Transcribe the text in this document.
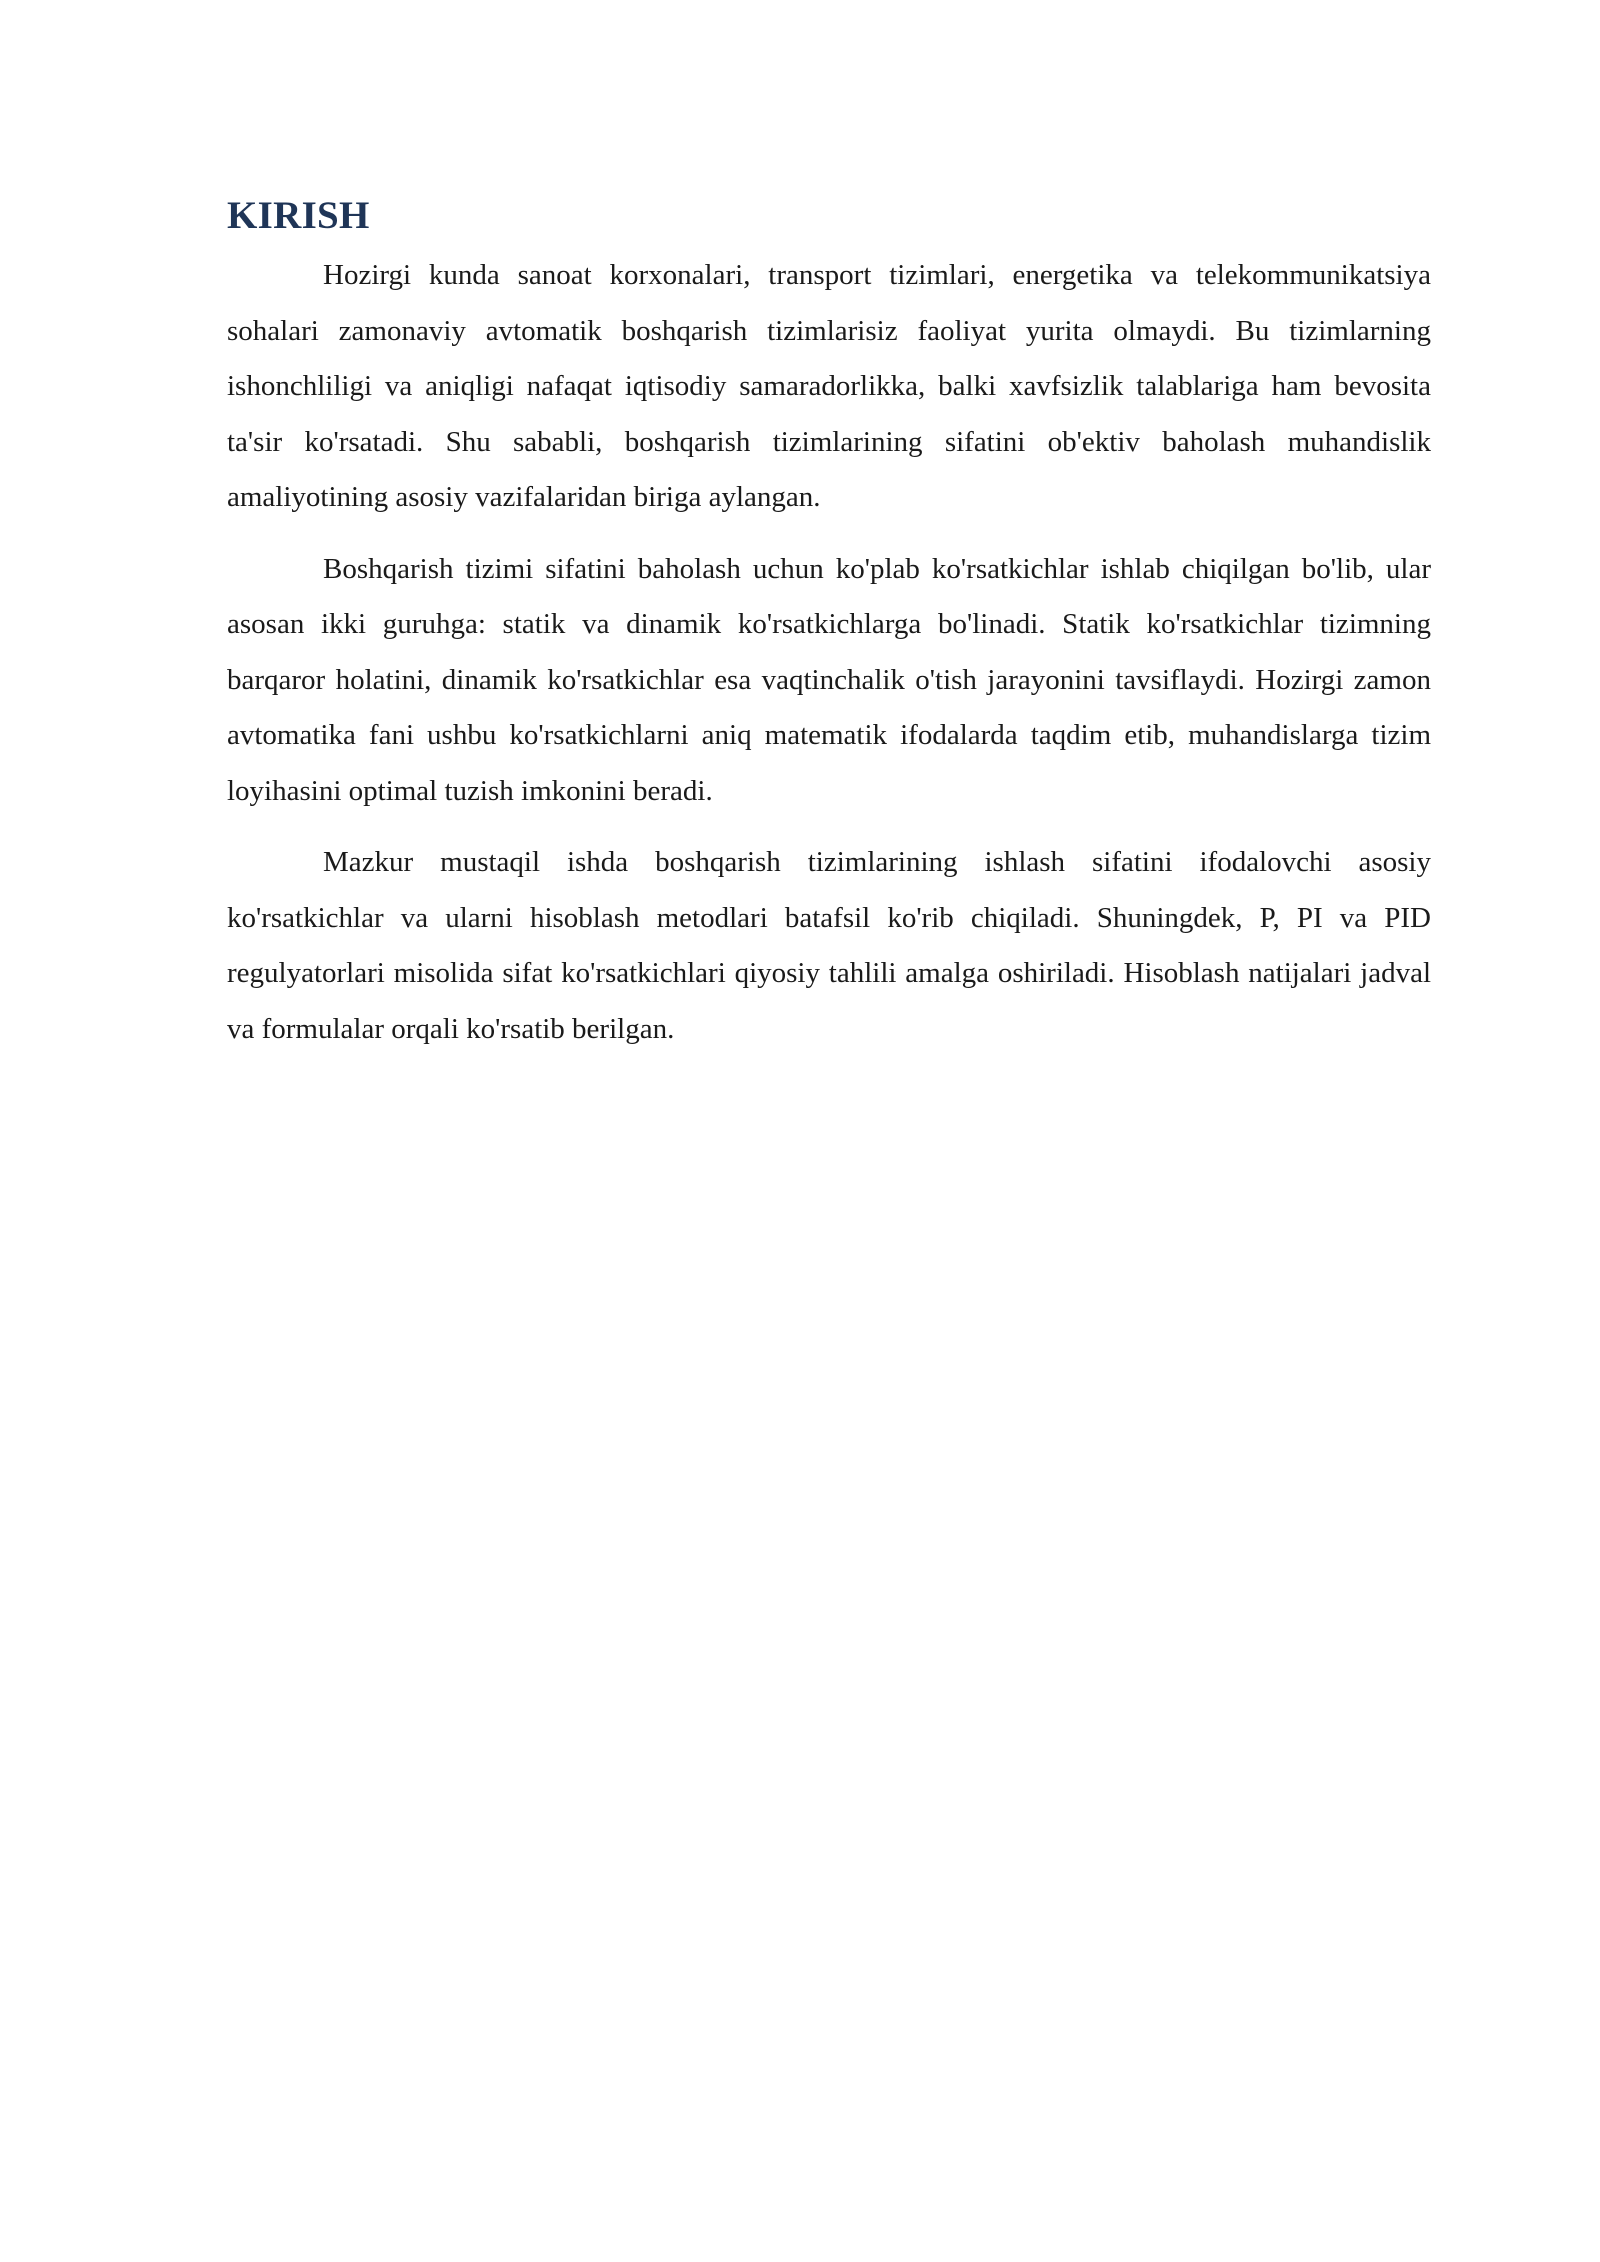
KIRISH

Hozirgi kunda sanoat korxonalari, transport tizimlari, energetika va telekommunikatsiya sohalari zamonaviy avtomatik boshqarish tizimlarisiz faoliyat yurita olmaydi. Bu tizimlarning ishonchliligi va aniqligi nafaqat iqtisodiy samaradorlikka, balki xavfsizlik talablariga ham bevosita ta'sir ko'rsatadi. Shu sababli, boshqarish tizimlarining sifatini ob'ektiv baholash muhandislik amaliyotining asosiy vazifalaridan biriga aylangan.

Boshqarish tizimi sifatini baholash uchun ko'plab ko'rsatkichlar ishlab chiqilgan bo'lib, ular asosan ikki guruhga: statik va dinamik ko'rsatkichlarga bo'linadi. Statik ko'rsatkichlar tizimning barqaror holatini, dinamik ko'rsatkichlar esa vaqtinchalik o'tish jarayonini tavsiflaydi. Hozirgi zamon avtomatika fani ushbu ko'rsatkichlarni aniq matematik ifodalarda taqdim etib, muhandislarga tizim loyihasini optimal tuzish imkonini beradi.

Mazkur mustaqil ishda boshqarish tizimlarining ishlash sifatini ifodalovchi asosiy ko'rsatkichlar va ularni hisoblash metodlari batafsil ko'rib chiqiladi. Shuningdek, P, PI va PID regulyatorlari misolida sifat ko'rsatkichlari qiyosiy tahlili amalga oshiriladi. Hisoblash natijalari jadval va formulalar orqali ko'rsatib berilgan.
